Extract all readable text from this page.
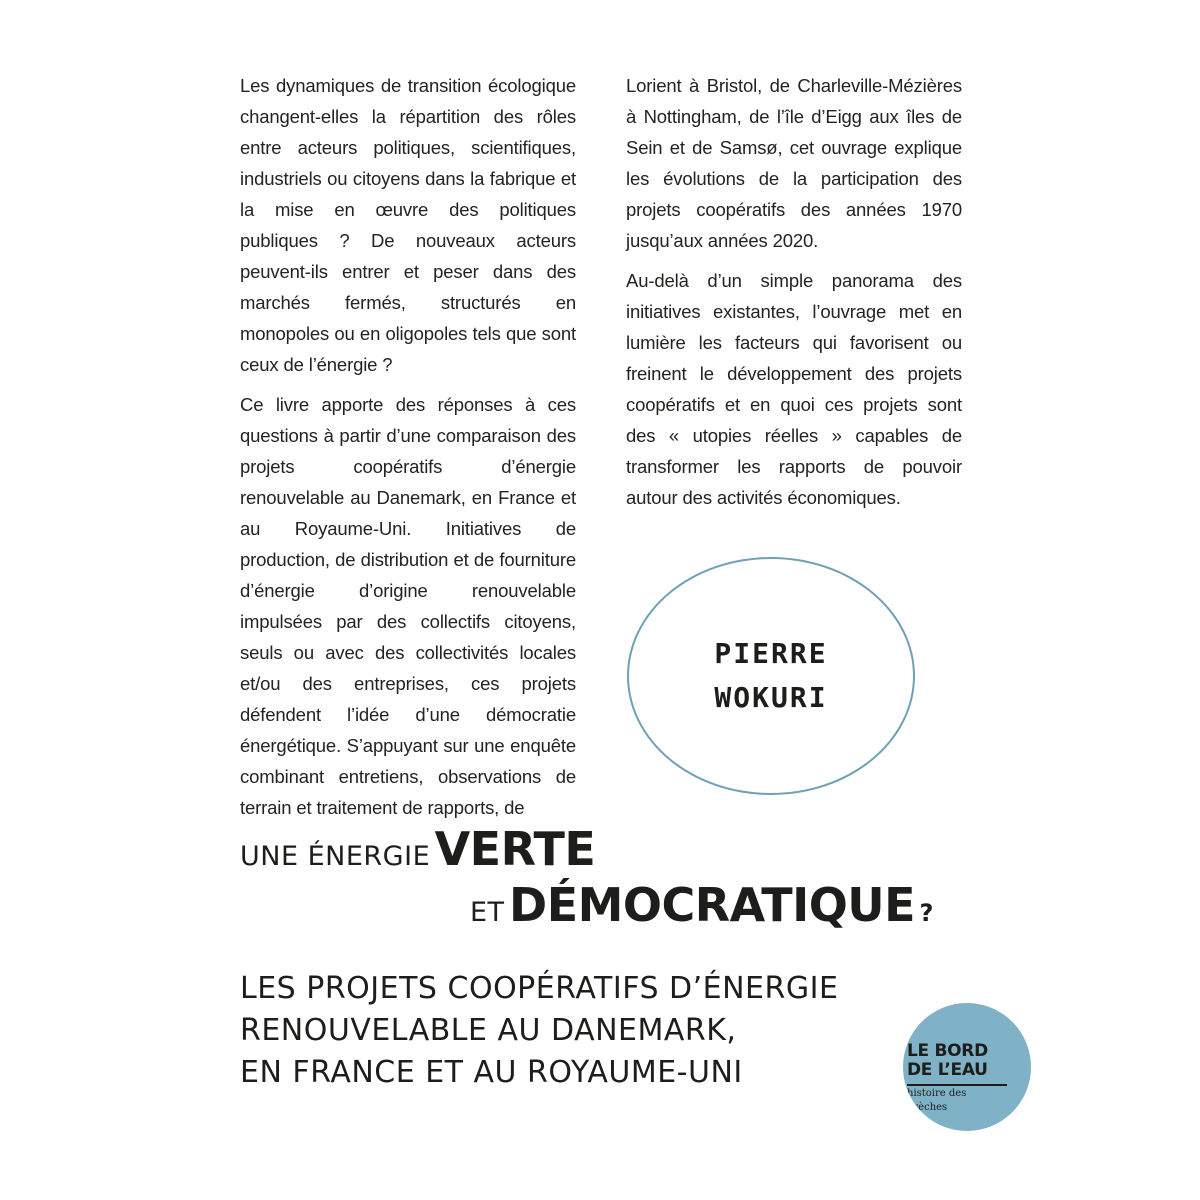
Les dynamiques de transition écologique changent-elles la répartition des rôles entre acteurs politiques, scientifiques, industriels ou citoyens dans la fabrique et la mise en œuvre des politiques publiques ? De nouveaux acteurs peuvent-ils entrer et peser dans des marchés fermés, structurés en monopoles ou en oligopoles tels que sont ceux de l’énergie ?

Ce livre apporte des réponses à ces questions à partir d’une comparaison des projets coopératifs d’énergie renouvelable au Danemark, en France et au Royaume-Uni. Initiatives de production, de distribution et de fourniture d’énergie d’origine renouvelable impulsées par des collectifs citoyens, seuls ou avec des collectivités locales et/ou des entreprises, ces projets défendent l’idée d’une démocratie énergétique. S’appuyant sur une enquête combinant entretiens, observations de terrain et traitement de rapports, de

Lorient à Bristol, de Charleville-Mézières à Nottingham, de l’île d’Eigg aux îles de Sein et de Samsø, cet ouvrage explique les évolutions de la participation des projets coopératifs des années 1970 jusqu’aux années 2020.

Au-delà d’un simple panorama des initiatives existantes, l’ouvrage met en lumière les facteurs qui favorisent ou freinent le développement des projets coopératifs et en quoi ces projets sont des « utopies réelles » capables de transformer les rapports de pouvoir autour des activités économiques.

PIERRE
WOKURI
UNE ÉNERGIE VERTE
ET DÉMOCRATIQUE ?
LES PROJETS COOPÉRATIFS D’ÉNERGIE
RENOUVELABLE AU DANEMARK,
EN FRANCE ET AU ROYAUME-UNI
LE BORD
DE L’EAU
histoire des brèches
